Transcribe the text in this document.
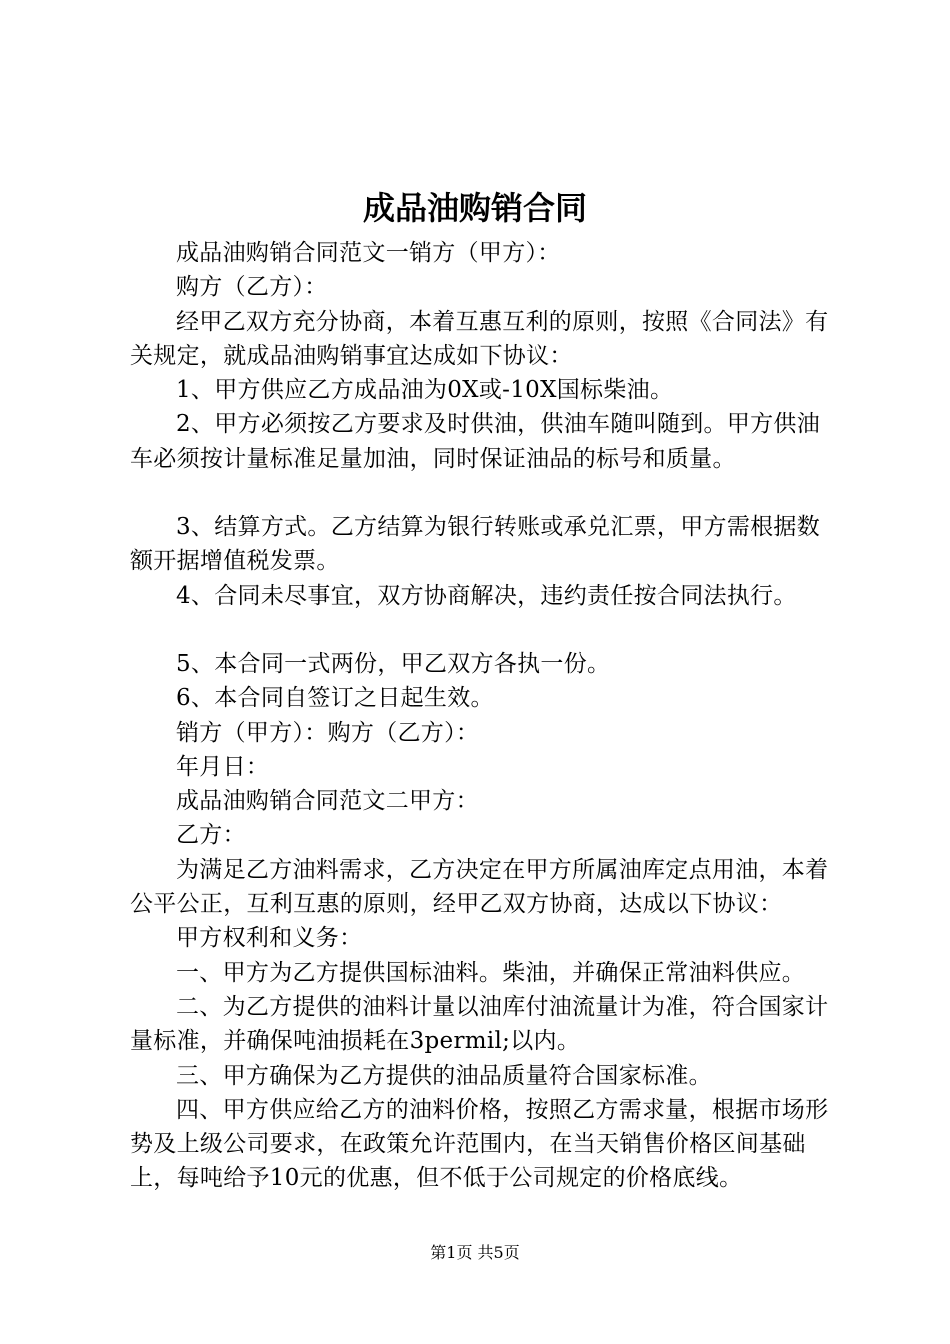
成品油购销合同

成品油购销合同范文一销方（甲方）：

购方（乙方）：

经甲乙双方充分协商，本着互惠互利的原则，按照《合同法》有关规定，就成品油购销事宜达成如下协议：

1、甲方供应乙方成品油为0X或-10X国标柴油。

2、甲方必须按乙方要求及时供油，供油车随叫随到。甲方供油车必须按计量标准足量加油，同时保证油品的标号和质量。

3、结算方式。乙方结算为银行转账或承兑汇票，甲方需根据数额开据增值税发票。

4、合同未尽事宜，双方协商解决，违约责任按合同法执行。

5、本合同一式两份，甲乙双方各执一份。

6、本合同自签订之日起生效。

销方（甲方）：购方（乙方）：

年月日：

成品油购销合同范文二甲方：

乙方：

为满足乙方油料需求，乙方决定在甲方所属油库定点用油，本着公平公正，互利互惠的原则，经甲乙双方协商，达成以下协议：

甲方权利和义务：

一、甲方为乙方提供国标油料。柴油，并确保正常油料供应。

二、为乙方提供的油料计量以油库付油流量计为准，符合国家计量标准，并确保吨油损耗在3permil;以内。

三、甲方确保为乙方提供的油品质量符合国家标准。

四、甲方供应给乙方的油料价格，按照乙方需求量，根据市场形势及上级公司要求，在政策允许范围内，在当天销售价格区间基础上，每吨给予10元的优惠，但不低于公司规定的价格底线。

第1页 共5页
